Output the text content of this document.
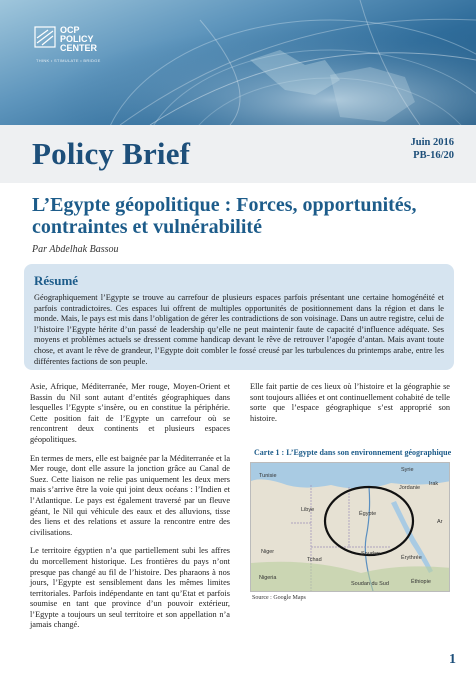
OCP
POLICY
CENTER
THINK • STIMULATE • BRIDGE
Policy Brief	Juin 2016
PB-16/20
L’Egypte géopolitique : Forces, opportunités,
contraintes et vulnérabilité
Par Abdelhak Bassou
Résumé
Géographiquement l’Egypte se trouve au carrefour de plusieurs espaces parfois présentant une certaine homogénéité et parfois contradictoires. Ces espaces lui offrent de multiples opportunités de positionnement dans la région et dans le monde. Mais, le pays est mis dans l’obligation de gérer les contradictions de son voisinage. Dans un autre registre, celui de l’histoire l’Egypte hérite d’un passé de leadership qu’elle ne peut maintenir faute de capacité d’influence adéquate. Ses moyens et problèmes actuels se dressent comme handicap devant le rêve de retrouver l’apogée d’antan. Mais avant toute chose, et avant le rêve de grandeur, l’Egypte doit combler le fossé creusé par les turbulences du printemps arabe, entre les différentes factions de son peuple.

Asie, Afrique, Méditerranée, Mer rouge, Moyen-Orient et Bassin du Nil sont autant d’entités géographiques dans lesquelles l’Egypte s’insère, ou en constitue la périphérie. Cette position fait de l’Egypte un carrefour où se rencontrent deux continents et plusieurs espaces géopolitiques.

En termes de mers, elle est baignée par la Méditerranée et la Mer rouge, dont elle assure la jonction grâce au Canal de Suez. Cette liaison ne relie pas uniquement les deux mers mais s’arrive être la voie qui joint deux océans : l’Indien et l’Atlantique. Le pays est également traversé par un fleuve géant, le Nil qui véhicule des eaux et des alluvions, tisse des liens et des relations et assure la rencontre entre des civilisations.

Le territoire égyptien n’a que partiellement subi les affres du morcellement historique. Les frontières du pays n’ont presque pas changé au fil de l’histoire. Des pharaons à nos jours, l’Egypte est sensiblement dans les mêmes limites territoriales. Parfois indépendante en tant qu’Etat et parfois soumise en tant que province d’un pouvoir extérieur, l’Egypte a toujours un seul territoire et son appellation n’a jamais changé.

Elle fait partie de ces lieux où l’histoire et la géographie se sont toujours alliées et ont continuellement cohabité de telle sorte que l’espace géographique s’est approprié son histoire.

Carte 1 : L’Egypte dans son environnement géographique
Tunisie
Syrie
Irak
Jordanie
Libye
Égypte
Ar
Niger
Tchad
Soudan
Érythrée
Nigeria
Éthiopie
Soudan du Sud
Source : Google Maps
1
